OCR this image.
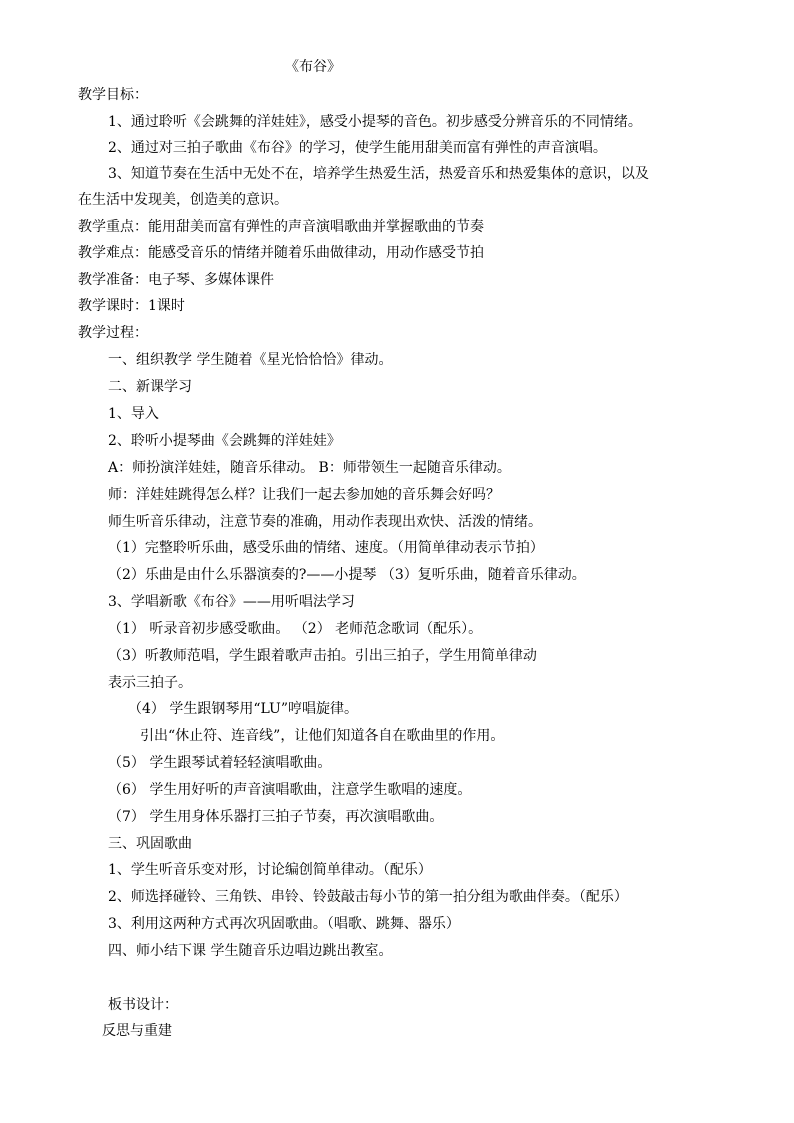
《布谷》
教学目标：
1、通过聆听《会跳舞的洋娃娃》，感受小提琴的音色。初步感受分辨音乐的不同情绪。
2、通过对三拍子歌曲《布谷》的学习，使学生能用甜美而富有弹性的声音演唱。
3、知道节奏在生活中无处不在，培养学生热爱生活，热爱音乐和热爱集体的意识，以及
在生活中发现美，创造美的意识。
教学重点：能用甜美而富有弹性的声音演唱歌曲并掌握歌曲的节奏
教学难点：能感受音乐的情绪并随着乐曲做律动，用动作感受节拍
教学准备：电子琴、多媒体课件
教学课时：1课时
教学过程：
一、组织教学 学生随着《星光恰恰恰》律动。
二、新课学习
1、导入
2、聆听小提琴曲《会跳舞的洋娃娃》
A：师扮演洋娃娃，随音乐律动。 B：师带领生一起随音乐律动。
师：洋娃娃跳得怎么样？让我们一起去参加她的音乐舞会好吗？
师生听音乐律动，注意节奏的准确，用动作表现出欢快、活泼的情绪。
（1）完整聆听乐曲，感受乐曲的情绪、速度。（用简单律动表示节拍）
（2）乐曲是由什么乐器演奏的?——小提琴 （3）复听乐曲，随着音乐律动。
3、学唱新歌《布谷》——用听唱法学习
（1） 听录音初步感受歌曲。 （2） 老师范念歌词（配乐）。
（3）听教师范唱，学生跟着歌声击拍。引出三拍子，学生用简单律动
表示三拍子。
（4） 学生跟钢琴用“LU”哼唱旋律。
引出“休止符、连音线”，让他们知道各自在歌曲里的作用。
（5） 学生跟琴试着轻轻演唱歌曲。
（6） 学生用好听的声音演唱歌曲，注意学生歌唱的速度。
（7） 学生用身体乐器打三拍子节奏，再次演唱歌曲。
三、巩固歌曲
1、学生听音乐变对形，讨论编创简单律动。（配乐）
2、师选择碰铃、三角铁、串铃、铃鼓敲击每小节的第一拍分组为歌曲伴奏。（配乐）
3、利用这两种方式再次巩固歌曲。（唱歌、跳舞、器乐）
四、师小结下课 学生随音乐边唱边跳出教室。
板书设计：
反思与重建
